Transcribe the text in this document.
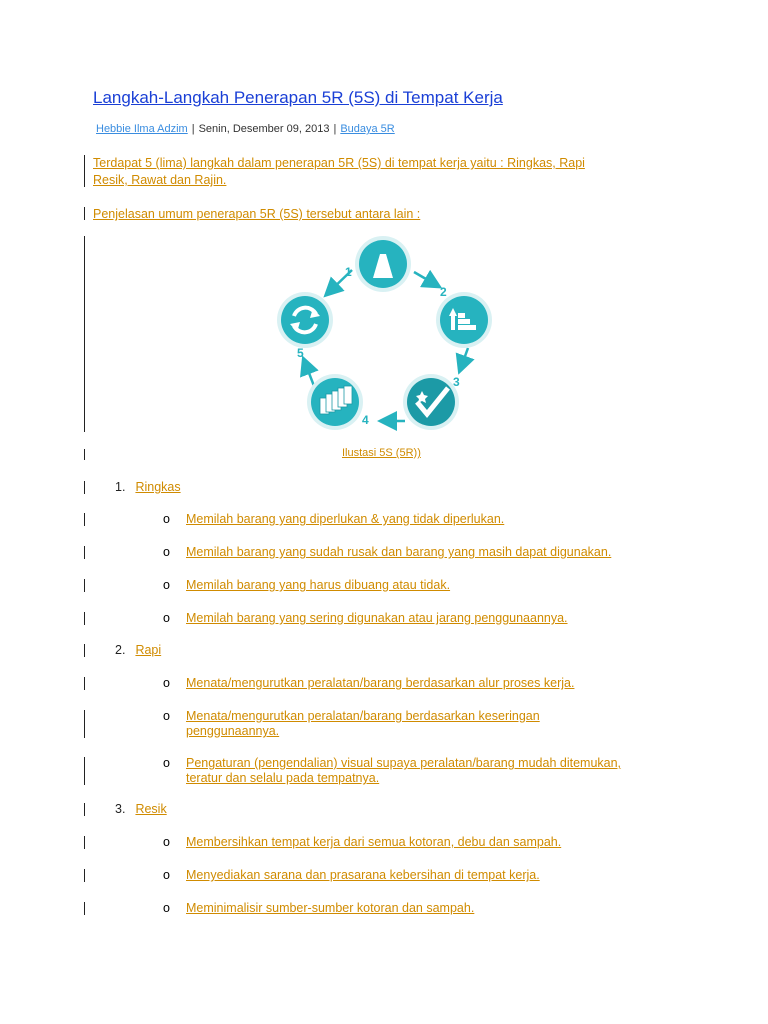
Langkah-Langkah Penerapan 5R (5S) di Tempat Kerja
Hebbie Ilma Adzim | Senin, Desember 09, 2013 | Budaya 5R
Terdapat 5 (lima) langkah dalam penerapan 5R (5S) di tempat kerja yaitu : Ringkas, Rapi
Resik, Rawat dan Rajin.
Penjelasan umum penerapan 5R (5S) tersebut antara lain :
1
2
3
4
5
Ilustasi 5S (5R))
1. Ringkas
o	Memilah barang yang diperlukan & yang tidak diperlukan.
o	Memilah barang yang sudah rusak dan barang yang masih dapat digunakan.
o	Memilah barang yang harus dibuang atau tidak.
o	Memilah barang yang sering digunakan atau jarang penggunaannya.
2. Rapi
o	Menata/mengurutkan peralatan/barang berdasarkan alur proses kerja.
o	Menata/mengurutkan peralatan/barang berdasarkan keseringan
penggunaannya.
o	Pengaturan (pengendalian) visual supaya peralatan/barang mudah ditemukan,
teratur dan selalu pada tempatnya.
3. Resik
o	Membersihkan tempat kerja dari semua kotoran, debu dan sampah.
o	Menyediakan sarana dan prasarana kebersihan di tempat kerja.
o	Meminimalisir sumber-sumber kotoran dan sampah.
